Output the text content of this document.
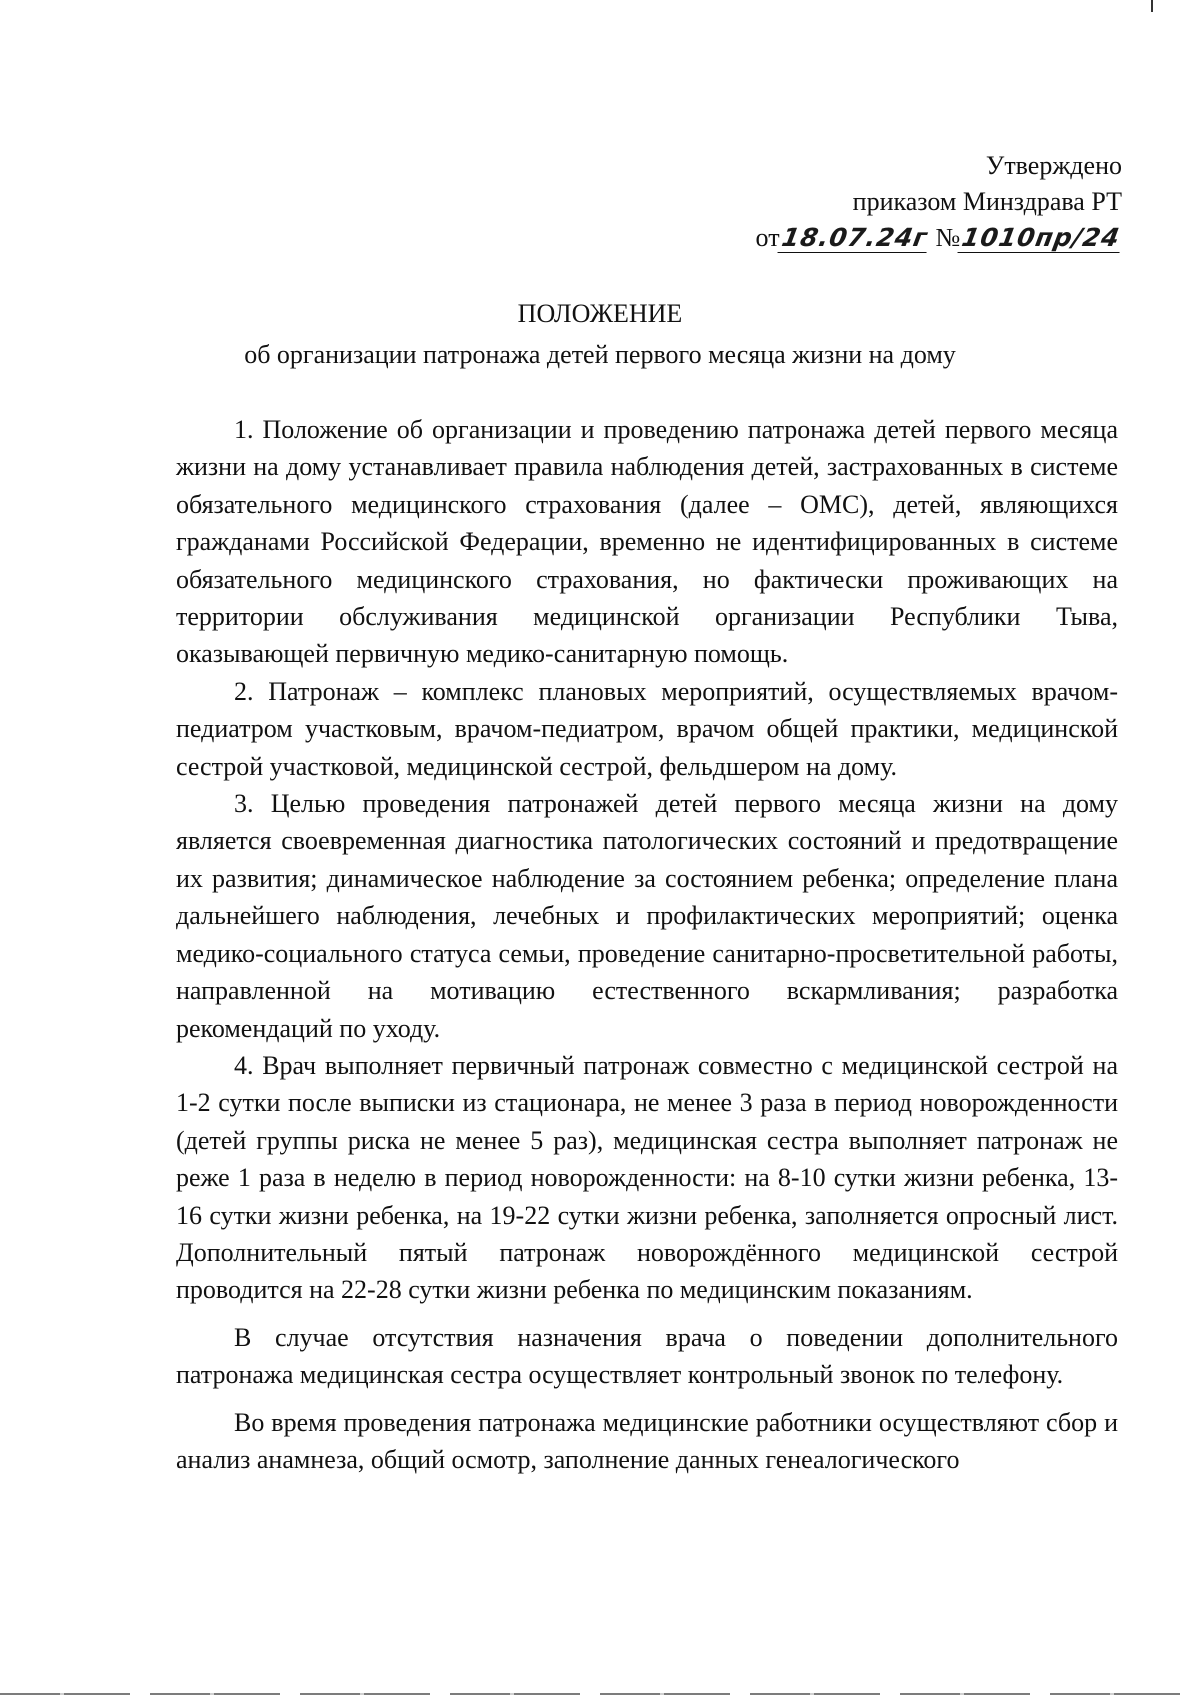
Утверждено
приказом Минздрава РТ
от18.07.24г №1010пр/24
ПОЛОЖЕНИЕ
об организации патронажа детей первого месяца жизни на дому

1. Положение об организации и проведению патронажа детей первого месяца жизни на дому устанавливает правила наблюдения детей, застрахованных в системе обязательного медицинского страхования (далее – ОМС), детей, являющихся гражданами Российской Федерации, временно не идентифицированных в системе обязательного медицинского страхования, но фактически проживающих на территории обслуживания медицинской организации Республики Тыва, оказывающей первичную медико-санитарную помощь.

2. Патронаж – комплекс плановых мероприятий, осуществляемых врачом-педиатром участковым, врачом-педиатром, врачом общей практики, медицинской сестрой участковой, медицинской сестрой, фельдшером на дому.

3. Целью проведения патронажей детей первого месяца жизни на дому является своевременная диагностика патологических состояний и предотвращение их развития; динамическое наблюдение за состоянием ребенка; определение плана дальнейшего наблюдения, лечебных и профилактических мероприятий; оценка медико-социального статуса семьи, проведение санитарно-просветительной работы, направленной на мотивацию естественного вскармливания; разработка рекомендаций по уходу.

4. Врач выполняет первичный патронаж совместно с медицинской сестрой на 1-2 сутки после выписки из стационара, не менее 3 раза в период новорожденности (детей группы риска не менее 5 раз), медицинская сестра выполняет патронаж не реже 1 раза в неделю в период новорожденности: на 8-10 сутки жизни ребенка, 13-16 сутки жизни ребенка, на 19-22 сутки жизни ребенка, заполняется опросный лист. Дополнительный пятый патронаж новорождённого медицинской сестрой проводится на 22-28 сутки жизни ребенка по медицинским показаниям.

В случае отсутствия назначения врача о поведении дополнительного патронажа медицинская сестра осуществляет контрольный звонок по телефону.

Во время проведения патронажа медицинские работники осуществляют сбор и анализ анамнеза, общий осмотр, заполнение данных генеалогического
